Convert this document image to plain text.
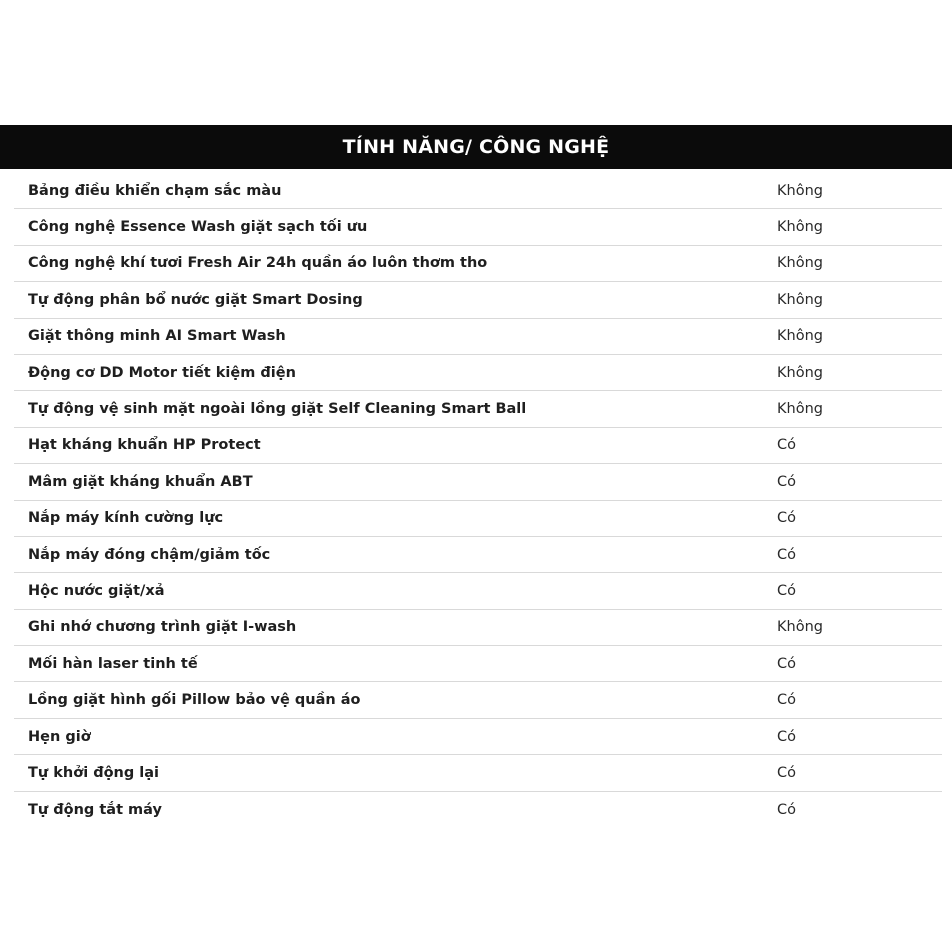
TÍNH NĂNG/ CÔNG NGHỆ
Bảng điều khiển chạm sắc màu	Không
Công nghệ Essence Wash giặt sạch tối ưu	Không
Công nghệ khí tươi Fresh Air 24h quần áo luôn thơm tho	Không
Tự động phân bổ nước giặt Smart Dosing	Không
Giặt thông minh AI Smart Wash	Không
Động cơ DD Motor tiết kiệm điện	Không
Tự động vệ sinh mặt ngoài lồng giặt Self Cleaning Smart Ball	Không
Hạt kháng khuẩn HP Protect	Có
Mâm giặt kháng khuẩn ABT	Có
Nắp máy kính cường lực	Có
Nắp máy đóng chậm/giảm tốc	Có
Hộc nước giặt/xả	Có
Ghi nhớ chương trình giặt I-wash	Không
Mối hàn laser tinh tế	Có
Lồng giặt hình gối Pillow bảo vệ quần áo	Có
Hẹn giờ	Có
Tự khởi động lại	Có
Tự động tắt máy	Có
